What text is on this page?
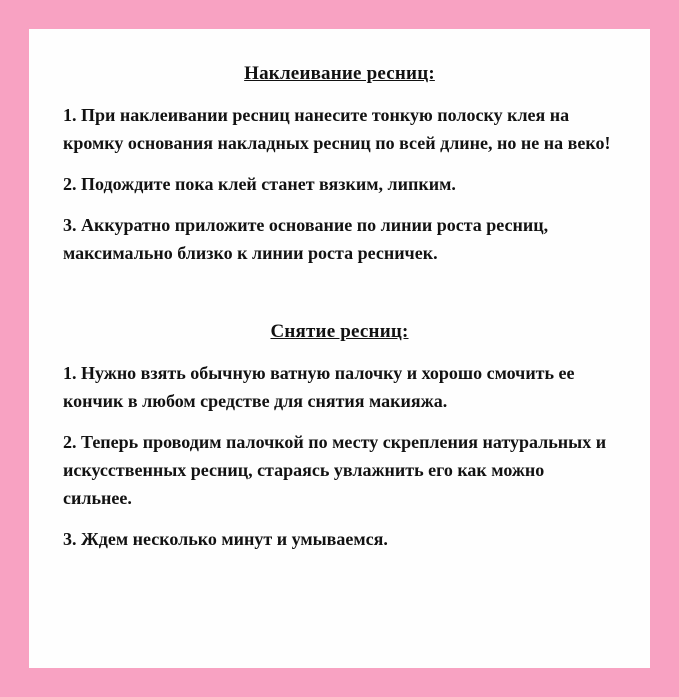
Наклеивание ресниц:

1. При наклеивании ресниц нанесите тонкую полоску клея на кромку основания накладных ресниц по всей длине, но не на веко!

2. Подождите пока клей станет вязким, липким.

3. Аккуратно приложите основание по линии роста ресниц, максимально близко к линии роста ресничек.

Снятие ресниц:

1. Нужно взять обычную ватную палочку и хорошо смочить ее кончик в любом средстве для снятия макияжа.

2. Теперь проводим палочкой по месту скрепления натуральных и искусственных ресниц, стараясь увлажнить его как можно сильнее.

3. Ждем несколько минут и умываемся.
